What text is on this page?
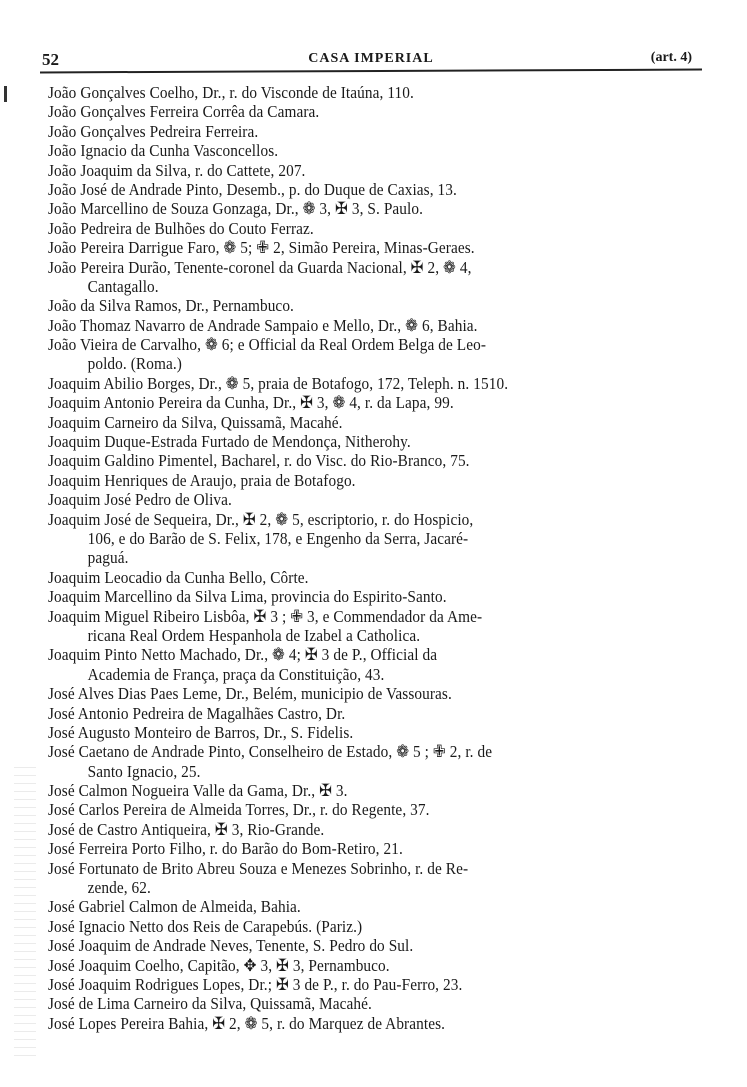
52	CASA IMPERIAL	(art. 4)
João Gonçalves Coelho, Dr., r. do Visconde de Itaúna, 110.
João Gonçalves Ferreira Corrêa da Camara.
João Gonçalves Pedreira Ferreira.
João Ignacio da Cunha Vasconcellos.
João Joaquim da Silva, r. do Cattete, 207.
João José de Andrade Pinto, Desemb., p. do Duque de Caxias, 13.
João Marcellino de Souza Gonzaga, Dr., ❁ 3, ✠ 3, S. Paulo.
João Pedreira de Bulhões do Couto Ferraz.
João Pereira Darrigue Faro, ❁ 5; ✙ 2, Simão Pereira, Minas-Geraes.
João Pereira Durão, Tenente-coronel da Guarda Nacional, ✠ 2, ❁ 4,
Cantagallo.
João da Silva Ramos, Dr., Pernambuco.
João Thomaz Navarro de Andrade Sampaio e Mello, Dr., ❁ 6, Bahia.
João Vieira de Carvalho, ❁ 6; e Official da Real Ordem Belga de Leo-
poldo. (Roma.)
Joaquim Abilio Borges, Dr., ❁ 5, praia de Botafogo, 172, Teleph. n. 1510.
Joaquim Antonio Pereira da Cunha, Dr., ✠ 3, ❁ 4, r. da Lapa, 99.
Joaquim Carneiro da Silva, Quissamã, Macahé.
Joaquim Duque-Estrada Furtado de Mendonça, Nitherohy.
Joaquim Galdino Pimentel, Bacharel, r. do Visc. do Rio-Branco, 75.
Joaquim Henriques de Araujo, praia de Botafogo.
Joaquim José Pedro de Oliva.
Joaquim José de Sequeira, Dr., ✠ 2, ❁ 5, escriptorio, r. do Hospicio,
106, e do Barão de S. Felix, 178, e Engenho da Serra, Jacaré-
paguá.
Joaquim Leocadio da Cunha Bello, Côrte.
Joaquim Marcellino da Silva Lima, provincia do Espirito-Santo.
Joaquim Miguel Ribeiro Lisbôa, ✠ 3 ; ✙ 3, e Commendador da Ame-
ricana Real Ordem Hespanhola de Izabel a Catholica.
Joaquim Pinto Netto Machado, Dr., ❁ 4; ✠ 3 de P., Official da
Academia de França, praça da Constituição, 43.
José Alves Dias Paes Leme, Dr., Belém, municipio de Vassouras.
José Antonio Pedreira de Magalhães Castro, Dr.
José Augusto Monteiro de Barros, Dr., S. Fidelis.
José Caetano de Andrade Pinto, Conselheiro de Estado, ❁ 5 ; ✙ 2, r. de
Santo Ignacio, 25.
José Calmon Nogueira Valle da Gama, Dr., ✠ 3.
José Carlos Pereira de Almeida Torres, Dr., r. do Regente, 37.
José de Castro Antiqueira, ✠ 3, Rio-Grande.
José Ferreira Porto Filho, r. do Barão do Bom-Retiro, 21.
José Fortunato de Brito Abreu Souza e Menezes Sobrinho, r. de Re-
zende, 62.
José Gabriel Calmon de Almeida, Bahia.
José Ignacio Netto dos Reis de Carapebús. (Pariz.)
José Joaquim de Andrade Neves, Tenente, S. Pedro do Sul.
José Joaquim Coelho, Capitão, ✥ 3, ✠ 3, Pernambuco.
José Joaquim Rodrigues Lopes, Dr.; ✠ 3 de P., r. do Pau-Ferro, 23.
José de Lima Carneiro da Silva, Quissamã, Macahé.
José Lopes Pereira Bahia, ✠ 2, ❁ 5, r. do Marquez de Abrantes.
